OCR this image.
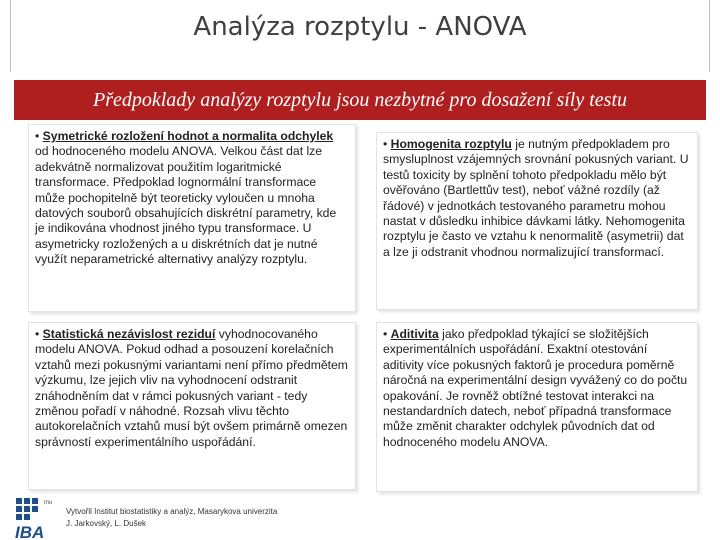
Analýza rozptylu - ANOVA
Předpoklady analýzy rozptylu jsou nezbytné pro dosažení síly testu
• Symetrické rozložení hodnot a normalita odchylek od hodnoceného modelu ANOVA. Velkou část dat lze adekvátně normalizovat použitím logaritmické transformace. Předpoklad lognormální transformace může pochopitelně být teoreticky vyloučen u mnoha datových souborů obsahujících diskrétní parametry, kde je indikována vhodnost jiného typu transformace. U asymetricky rozložených a u diskrétních dat je nutné využít neparametrické alternativy analýzy rozptylu.
• Homogenita rozptylu je nutným předpokladem pro smysluplnost vzájemných srovnání pokusných variant. U testů toxicity by splnění tohoto předpokladu mělo být ověřováno (Bartlettův test), neboť vážné rozdíly (až řádové) v jednotkách testovaného parametru mohou nastat v důsledku inhibice dávkami látky. Nehomogenita rozptylu je často ve vztahu k nenormalitě (asymetrii) dat a lze ji odstranit vhodnou normalizující transformací.
• Statistická nezávislost reziduí vyhodnocovaného modelu ANOVA. Pokud odhad a posouzení korelačních vztahů mezi pokusnými variantami není přímo předmětem výzkumu, lze jejich vliv na vyhodnocení odstranit znáhodněním dat v rámci pokusných variant - tedy změnou pořadí v náhodné. Rozsah vlivu těchto autokorelačních vztahů musí být ovšem primárně omezen správností experimentálního uspořádání.
• Aditivita jako předpoklad týkající se složitějších experimentálních uspořádání. Exaktní otestování aditivity více pokusných faktorů je procedura poměrně náročná na experimentální design vyvážený co do počtu opakování. Je rovněž obtížné testovat interakci na nestandardních datech, neboť případná transformace může změnit charakter odchylek původních dat od hodnoceného modelu ANOVA.
mu
IBA
Vytvořil Institut biostatistiky a analýz, Masarykova univerzita
J. Jarkovský, L. Dušek
